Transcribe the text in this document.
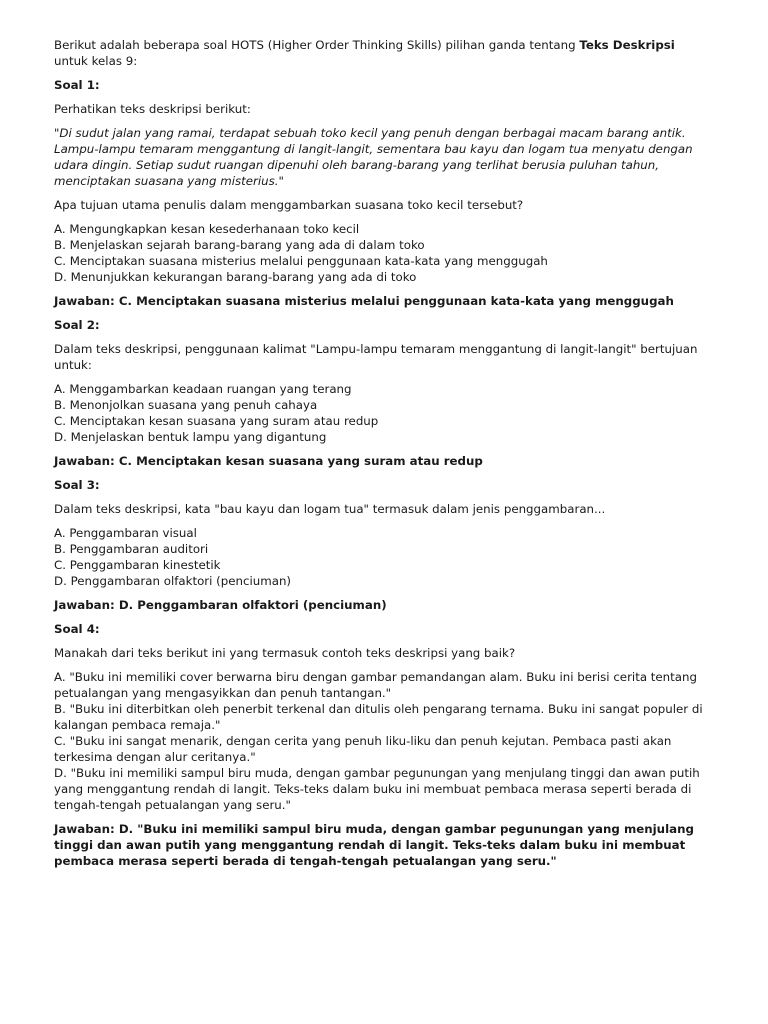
Berikut adalah beberapa soal HOTS (Higher Order Thinking Skills) pilihan ganda tentang Teks Deskripsi untuk kelas 9:

Soal 1:

Perhatikan teks deskripsi berikut:

"Di sudut jalan yang ramai, terdapat sebuah toko kecil yang penuh dengan berbagai macam barang antik. Lampu-lampu temaram menggantung di langit-langit, sementara bau kayu dan logam tua menyatu dengan udara dingin. Setiap sudut ruangan dipenuhi oleh barang-barang yang terlihat berusia puluhan tahun, menciptakan suasana yang misterius."

Apa tujuan utama penulis dalam menggambarkan suasana toko kecil tersebut?

A. Mengungkapkan kesan kesederhanaan toko kecil
B. Menjelaskan sejarah barang-barang yang ada di dalam toko
C. Menciptakan suasana misterius melalui penggunaan kata-kata yang menggugah
D. Menunjukkan kekurangan barang-barang yang ada di toko

Jawaban: C. Menciptakan suasana misterius melalui penggunaan kata-kata yang menggugah

Soal 2:

Dalam teks deskripsi, penggunaan kalimat "Lampu-lampu temaram menggantung di langit-langit" bertujuan untuk:

A. Menggambarkan keadaan ruangan yang terang
B. Menonjolkan suasana yang penuh cahaya
C. Menciptakan kesan suasana yang suram atau redup
D. Menjelaskan bentuk lampu yang digantung

Jawaban: C. Menciptakan kesan suasana yang suram atau redup

Soal 3:

Dalam teks deskripsi, kata "bau kayu dan logam tua" termasuk dalam jenis penggambaran...

A. Penggambaran visual
B. Penggambaran auditori
C. Penggambaran kinestetik
D. Penggambaran olfaktori (penciuman)

Jawaban: D. Penggambaran olfaktori (penciuman)

Soal 4:

Manakah dari teks berikut ini yang termasuk contoh teks deskripsi yang baik?

A. "Buku ini memiliki cover berwarna biru dengan gambar pemandangan alam. Buku ini berisi cerita tentang petualangan yang mengasyikkan dan penuh tantangan."
B. "Buku ini diterbitkan oleh penerbit terkenal dan ditulis oleh pengarang ternama. Buku ini sangat populer di kalangan pembaca remaja."
C. "Buku ini sangat menarik, dengan cerita yang penuh liku-liku dan penuh kejutan. Pembaca pasti akan terkesima dengan alur ceritanya."
D. "Buku ini memiliki sampul biru muda, dengan gambar pegunungan yang menjulang tinggi dan awan putih yang menggantung rendah di langit. Teks-teks dalam buku ini membuat pembaca merasa seperti berada di tengah-tengah petualangan yang seru."

Jawaban: D. "Buku ini memiliki sampul biru muda, dengan gambar pegunungan yang menjulang tinggi dan awan putih yang menggantung rendah di langit. Teks-teks dalam buku ini membuat pembaca merasa seperti berada di tengah-tengah petualangan yang seru."
